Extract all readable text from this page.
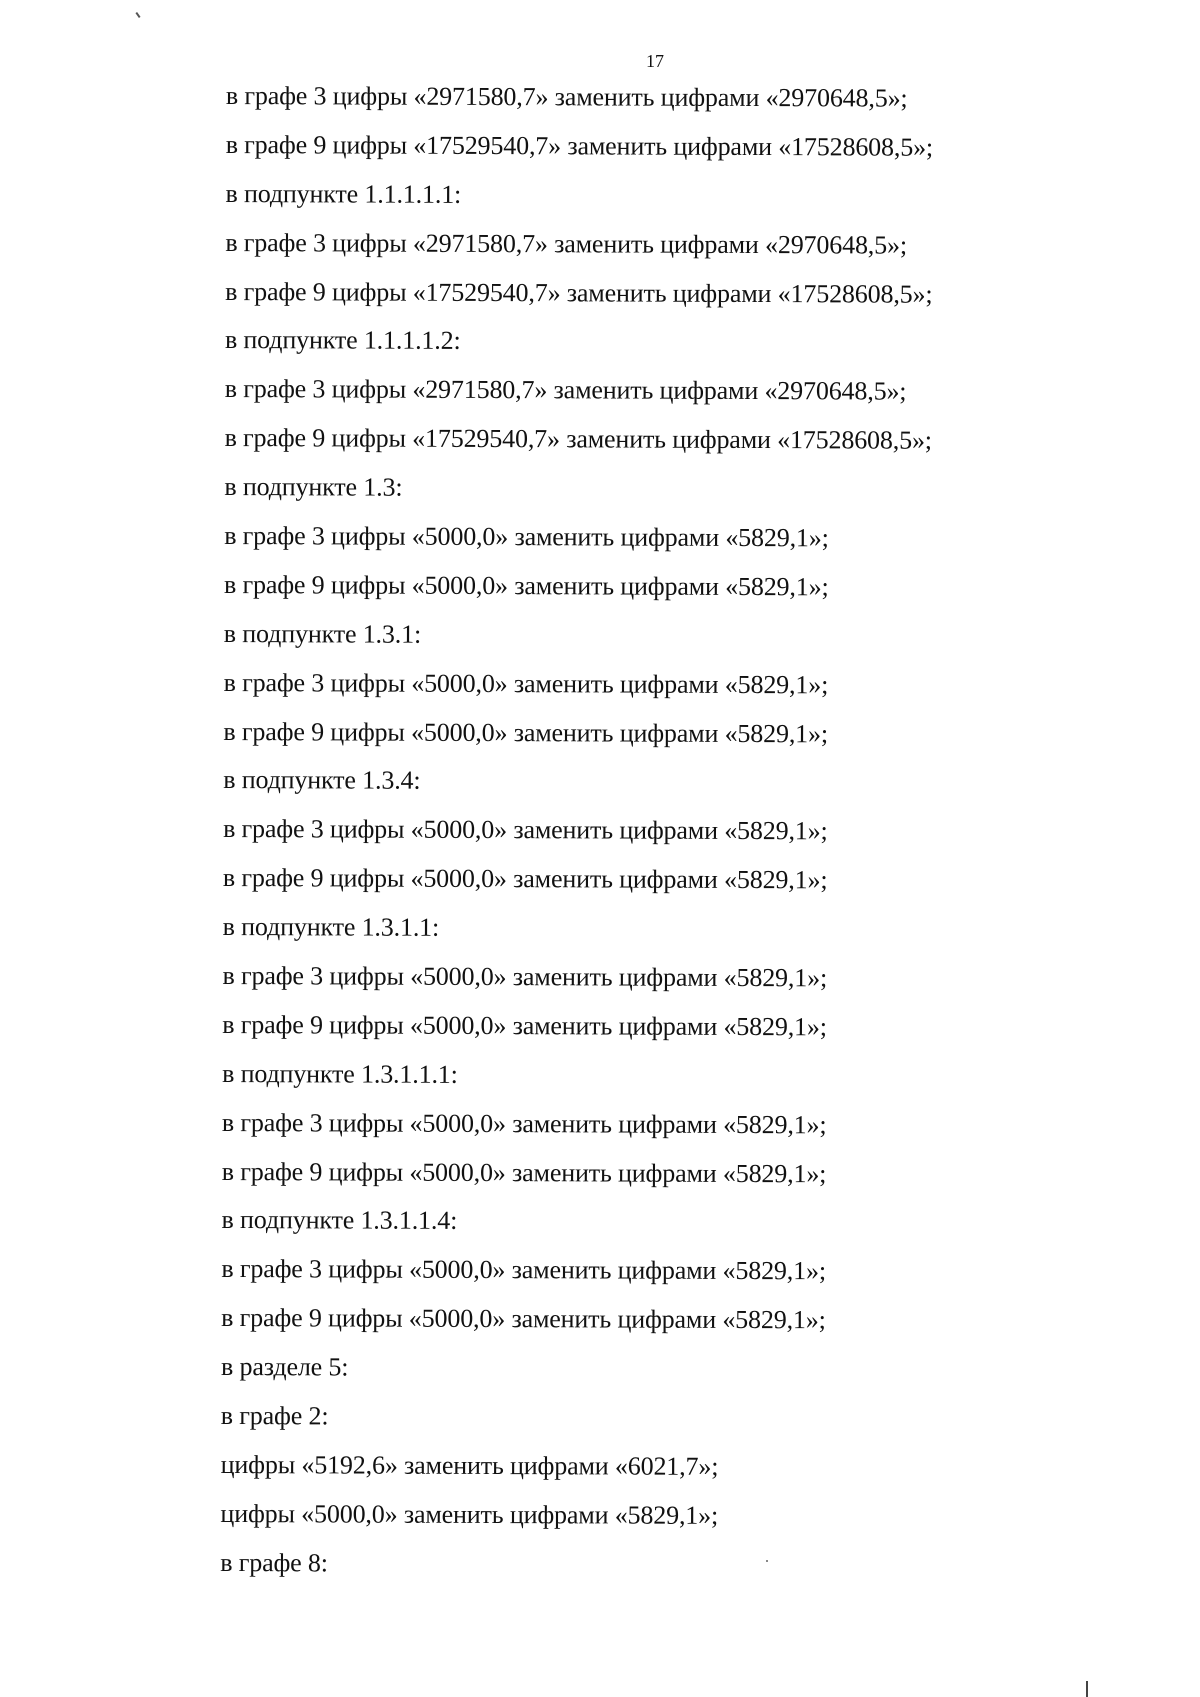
17
в графе 3 цифры «2971580,7» заменить цифрами «2970648,5»;
в графе 9 цифры «17529540,7» заменить цифрами «17528608,5»;
в подпункте 1.1.1.1.1:
в графе 3 цифры «2971580,7» заменить цифрами «2970648,5»;
в графе 9 цифры «17529540,7» заменить цифрами «17528608,5»;
в подпункте 1.1.1.1.2:
в графе 3 цифры «2971580,7» заменить цифрами «2970648,5»;
в графе 9 цифры «17529540,7» заменить цифрами «17528608,5»;
в подпункте 1.3:
в графе 3 цифры «5000,0» заменить цифрами «5829,1»;
в графе 9 цифры «5000,0» заменить цифрами «5829,1»;
в подпункте 1.3.1:
в графе 3 цифры «5000,0» заменить цифрами «5829,1»;
в графе 9 цифры «5000,0» заменить цифрами «5829,1»;
в подпункте 1.3.4:
в графе 3 цифры «5000,0» заменить цифрами «5829,1»;
в графе 9 цифры «5000,0» заменить цифрами «5829,1»;
в подпункте 1.3.1.1:
в графе 3 цифры «5000,0» заменить цифрами «5829,1»;
в графе 9 цифры «5000,0» заменить цифрами «5829,1»;
в подпункте 1.3.1.1.1:
в графе 3 цифры «5000,0» заменить цифрами «5829,1»;
в графе 9 цифры «5000,0» заменить цифрами «5829,1»;
в подпункте 1.3.1.1.4:
в графе 3 цифры «5000,0» заменить цифрами «5829,1»;
в графе 9 цифры «5000,0» заменить цифрами «5829,1»;
в разделе 5:
в графе 2:
цифры «5192,6» заменить цифрами «6021,7»;
цифры «5000,0» заменить цифрами «5829,1»;
в графе 8:
